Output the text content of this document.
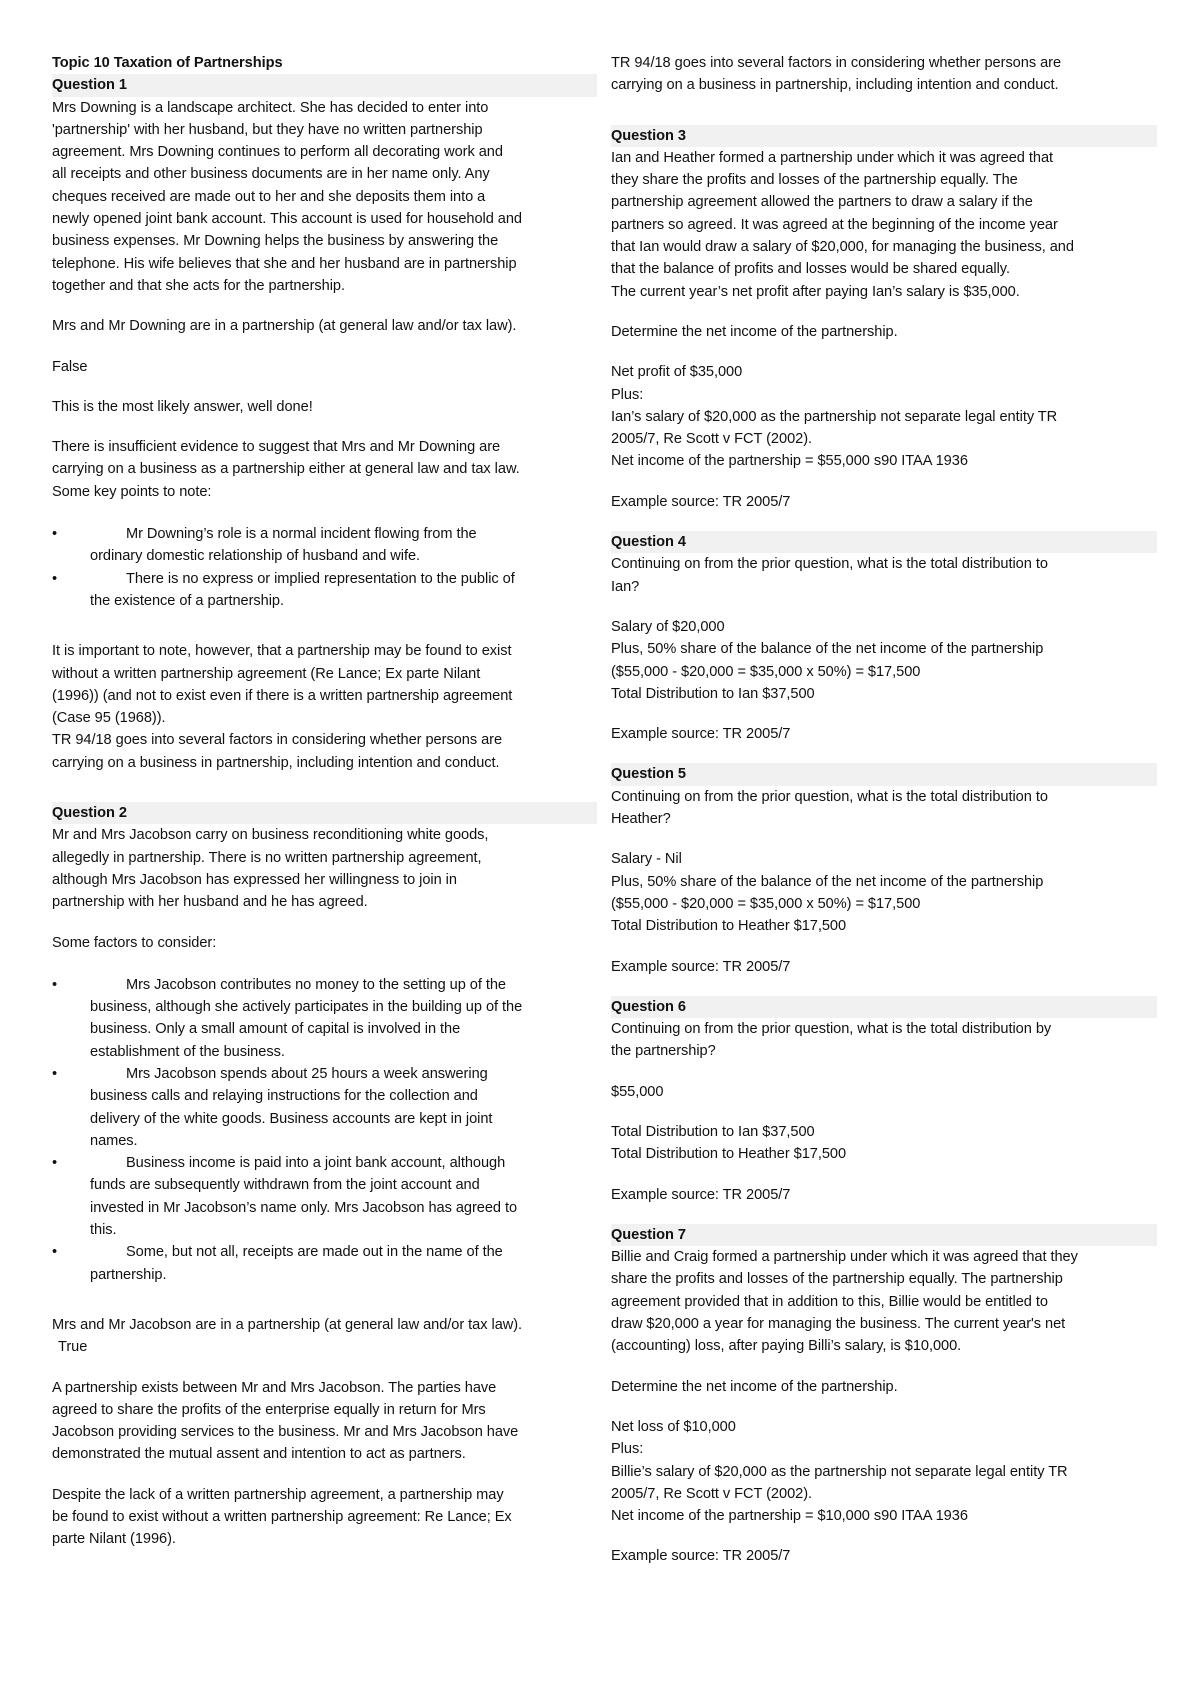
Topic 10 Taxation of Partnerships
Question 1
Mrs Downing is a landscape architect. She has decided to enter into
'partnership' with her husband, but they have no written partnership
agreement. Mrs Downing continues to perform all decorating work and
all receipts and other business documents are in her name only. Any
cheques received are made out to her and she deposits them into a
newly opened joint bank account. This account is used for household and
business expenses. Mr Downing helps the business by answering the
telephone. His wife believes that she and her husband are in partnership
together and that she acts for the partnership.
Mrs and Mr Downing are in a partnership (at general law and/or tax law).
False
This is the most likely answer, well done!
There is insufficient evidence to suggest that Mrs and Mr Downing are
carrying on a business as a partnership either at general law and tax law.
Some key points to note:
•	Mr Downing’s role is a normal incident flowing from the
ordinary domestic relationship of husband and wife.
•	There is no express or implied representation to the public of
the existence of a partnership.
It is important to note, however, that a partnership may be found to exist
without a written partnership agreement (Re Lance; Ex parte Nilant
(1996)) (and not to exist even if there is a written partnership agreement
(Case 95 (1968)).
TR 94/18 goes into several factors in considering whether persons are
carrying on a business in partnership, including intention and conduct.
Question 2
Mr and Mrs Jacobson carry on business reconditioning white goods,
allegedly in partnership. There is no written partnership agreement,
although Mrs Jacobson has expressed her willingness to join in
partnership with her husband and he has agreed.
Some factors to consider:
•	Mrs Jacobson contributes no money to the setting up of the
business, although she actively participates in the building up of the
business. Only a small amount of capital is involved in the
establishment of the business.
•	Mrs Jacobson spends about 25 hours a week answering
business calls and relaying instructions for the collection and
delivery of the white goods. Business accounts are kept in joint
names.
•	Business income is paid into a joint bank account, although
funds are subsequently withdrawn from the joint account and
invested in Mr Jacobson’s name only. Mrs Jacobson has agreed to
this.
•	Some, but not all, receipts are made out in the name of the
partnership.
Mrs and Mr Jacobson are in a partnership (at general law and/or tax law).
True
A partnership exists between Mr and Mrs Jacobson. The parties have
agreed to share the profits of the enterprise equally in return for Mrs
Jacobson providing services to the business. Mr and Mrs Jacobson have
demonstrated the mutual assent and intention to act as partners.
Despite the lack of a written partnership agreement, a partnership may
be found to exist without a written partnership agreement: Re Lance; Ex
parte Nilant (1996).
TR 94/18 goes into several factors in considering whether persons are
carrying on a business in partnership, including intention and conduct.
Question 3
Ian and Heather formed a partnership under which it was agreed that
they share the profits and losses of the partnership equally. The
partnership agreement allowed the partners to draw a salary if the
partners so agreed. It was agreed at the beginning of the income year
that Ian would draw a salary of $20,000, for managing the business, and
that the balance of profits and losses would be shared equally.
The current year’s net profit after paying Ian’s salary is $35,000.
Determine the net income of the partnership.
Net profit of $35,000
Plus:
Ian’s salary of $20,000 as the partnership not separate legal entity TR
2005/7, Re Scott v FCT (2002).
Net income of the partnership = $55,000 s90 ITAA 1936
Example source: TR 2005/7
Question 4
Continuing on from the prior question, what is the total distribution to
Ian?
Salary of $20,000
Plus, 50% share of the balance of the net income of the partnership
($55,000 - $20,000 = $35,000 x 50%) = $17,500
Total Distribution to Ian $37,500
Example source: TR 2005/7
Question 5
Continuing on from the prior question, what is the total distribution to
Heather?
Salary - Nil
Plus, 50% share of the balance of the net income of the partnership
($55,000 - $20,000 = $35,000 x 50%) = $17,500
Total Distribution to Heather $17,500
Example source: TR 2005/7
Question 6
Continuing on from the prior question, what is the total distribution by
the partnership?
$55,000
Total Distribution to Ian $37,500
Total Distribution to Heather $17,500
Example source: TR 2005/7
Question 7
Billie and Craig formed a partnership under which it was agreed that they
share the profits and losses of the partnership equally. The partnership
agreement provided that in addition to this, Billie would be entitled to
draw $20,000 a year for managing the business. The current year's net
(accounting) loss, after paying Billi’s salary, is $10,000.
Determine the net income of the partnership.
Net loss of $10,000
Plus:
Billie’s salary of $20,000 as the partnership not separate legal entity TR
2005/7, Re Scott v FCT (2002).
Net income of the partnership = $10,000 s90 ITAA 1936
Example source: TR 2005/7
